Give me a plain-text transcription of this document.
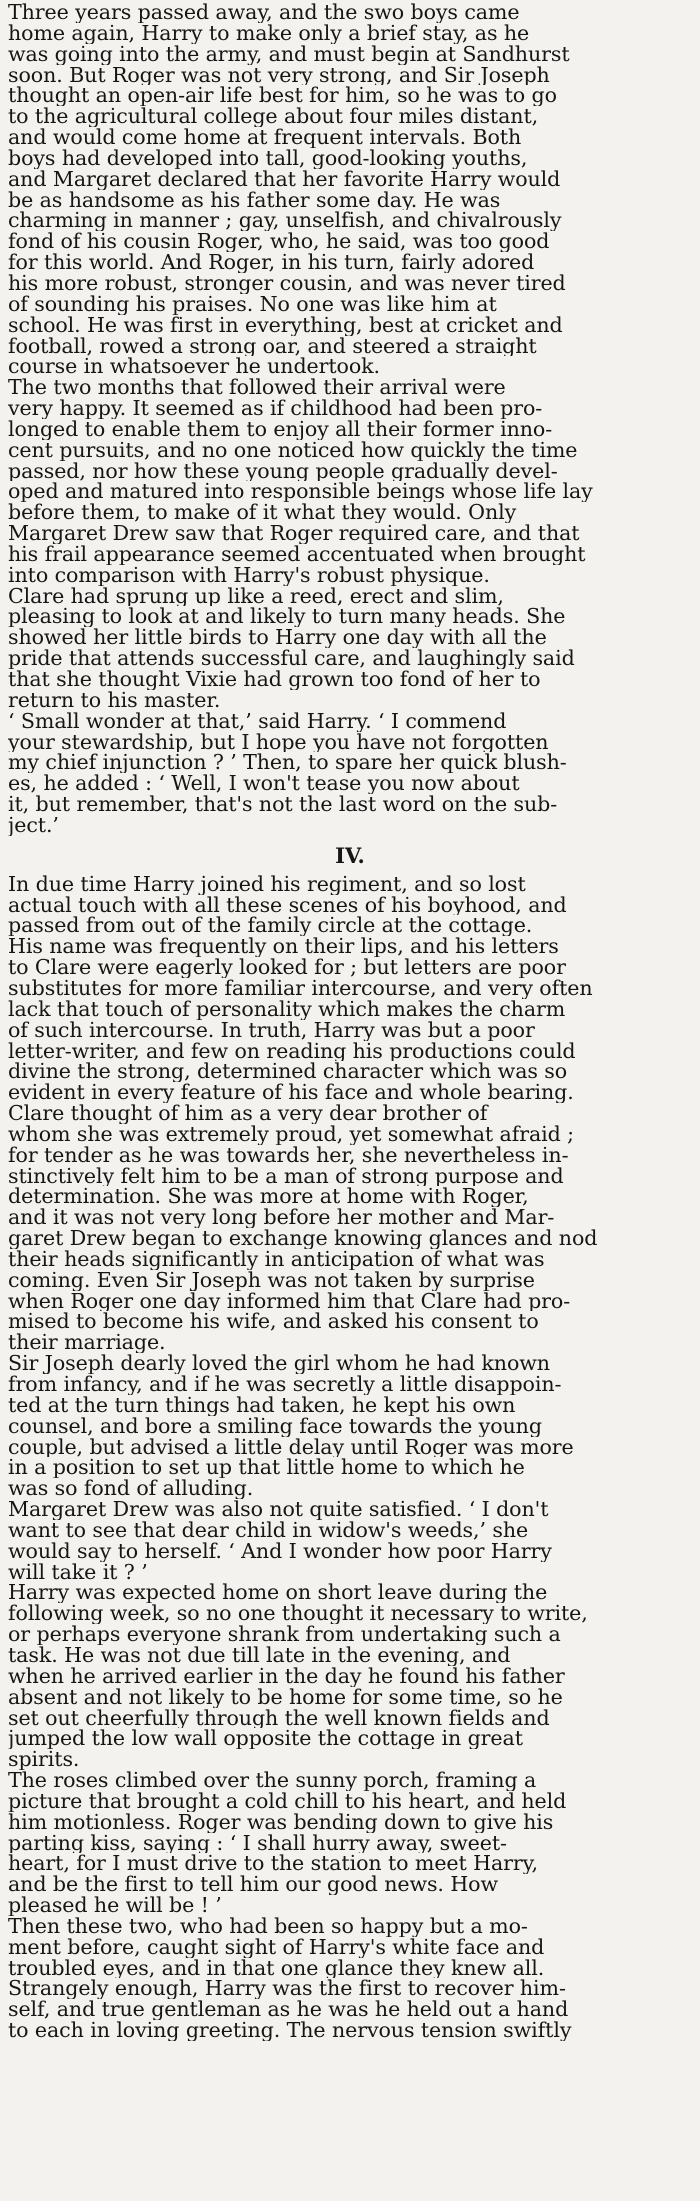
Three years passed away, and the swo boys came
home again, Harry to make only a brief stay, as he
was going into the army, and must begin at Sandhurst
soon. But Roger was not very strong, and Sir Joseph
thought an open-air life best for him, so he was to go
to the agricultural college about four miles distant,
and would come home at frequent intervals. Both
boys had developed into tall, good-looking youths,
and Margaret declared that her favorite Harry would
be as handsome as his father some day. He was
charming in manner ; gay, unselfish, and chivalrously
fond of his cousin Roger, who, he said, was too good
for this world. And Roger, in his turn, fairly adored
his more robust, stronger cousin, and was never tired
of sounding his praises. No one was like him at
school. He was first in everything, best at cricket and
football, rowed a strong oar, and steered a straight
course in whatsoever he undertook.

The two months that followed their arrival were
very happy. It seemed as if childhood had been pro-
longed to enable them to enjoy all their former inno-
cent pursuits, and no one noticed how quickly the time
passed, nor how these young people gradually devel-
oped and matured into responsible beings whose life lay
before them, to make of it what they would. Only
Margaret Drew saw that Roger required care, and that
his frail appearance seemed accentuated when brought
into comparison with Harry's robust physique.

Clare had sprung up like a reed, erect and slim,
pleasing to look at and likely to turn many heads. She
showed her little birds to Harry one day with all the
pride that attends successful care, and laughingly said
that she thought Vixie had grown too fond of her to
return to his master.

‘ Small wonder at that,’ said Harry. ‘ I commend
your stewardship, but I hope you have not forgotten
my chief injunction ? ’ Then, to spare her quick blush-
es, he added : ‘ Well, I won't tease you now about
it, but remember, that's not the last word on the sub-
ject.’

IV.

In due time Harry joined his regiment, and so lost
actual touch with all these scenes of his boyhood, and
passed from out of the family circle at the cottage.
His name was frequently on their lips, and his letters
to Clare were eagerly looked for ; but letters are poor
substitutes for more familiar intercourse, and very often
lack that touch of personality which makes the charm
of such intercourse. In truth, Harry was but a poor
letter-writer, and few on reading his productions could
divine the strong, determined character which was so
evident in every feature of his face and whole bearing.
Clare thought of him as a very dear brother of
whom she was extremely proud, yet somewhat afraid ;
for tender as he was towards her, she nevertheless in-
stinctively felt him to be a man of strong purpose and
determination. She was more at home with Roger,
and it was not very long before her mother and Mar-
garet Drew began to exchange knowing glances and nod
their heads significantly in anticipation of what was
coming. Even Sir Joseph was not taken by surprise
when Roger one day informed him that Clare had pro-
mised to become his wife, and asked his consent to
their marriage.

Sir Joseph dearly loved the girl whom he had known
from infancy, and if he was secretly a little disappoin-
ted at the turn things had taken, he kept his own
counsel, and bore a smiling face towards the young
couple, but advised a little delay until Roger was more
in a position to set up that little home to which he
was so fond of alluding.

Margaret Drew was also not quite satisfied. ‘ I don't
want to see that dear child in widow's weeds,’ she
would say to herself. ‘ And I wonder how poor Harry
will take it ? ’

Harry was expected home on short leave during the
following week, so no one thought it necessary to write,
or perhaps everyone shrank from undertaking such a
task. He was not due till late in the evening, and
when he arrived earlier in the day he found his father
absent and not likely to be home for some time, so he
set out cheerfully through the well known fields and
jumped the low wall opposite the cottage in great
spirits.

The roses climbed over the sunny porch, framing a
picture that brought a cold chill to his heart, and held
him motionless. Roger was bending down to give his
parting kiss, saying : ‘ I shall hurry away, sweet-
heart, for I must drive to the station to meet Harry,
and be the first to tell him our good news. How
pleased he will be ! ’

Then these two, who had been so happy but a mo-
ment before, caught sight of Harry's white face and
troubled eyes, and in that one glance they knew all.
Strangely enough, Harry was the first to recover him-
self, and true gentleman as he was he held out a hand
to each in loving greeting. The nervous tension swiftly
